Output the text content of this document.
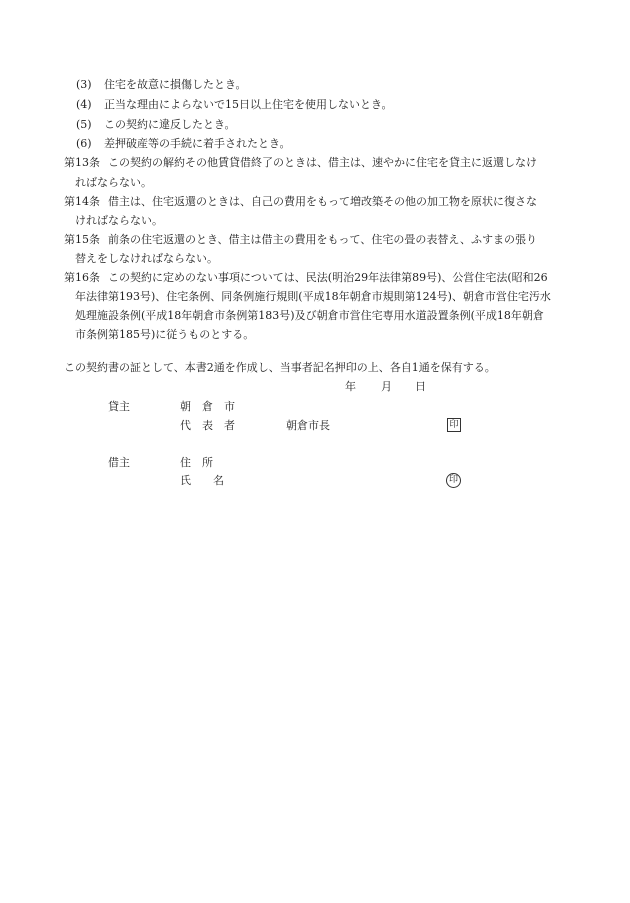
(3) 住宅を故意に損傷したとき。
(4) 正当な理由によらないで15日以上住宅を使用しないとき。
(5) この契約に違反したとき。
(6) 差押破産等の手続に着手されたとき。
第13条 この契約の解約その他賃貸借終了のときは、借主は、速やかに住宅を貸主に返還しなけ
ればならない。
第14条 借主は、住宅返還のときは、自己の費用をもって増改築その他の加工物を原状に復さな
ければならない。
第15条 前条の住宅返還のとき、借主は借主の費用をもって、住宅の畳の表替え、ふすまの張り
替えをしなければならない。
第16条 この契約に定めのない事項については、民法(明治29年法律第89号)、公営住宅法(昭和26
年法律第193号)、住宅条例、同条例施行規則(平成18年朝倉市規則第124号)、朝倉市営住宅汚水
処理施設条例(平成18年朝倉市条例第183号)及び朝倉市営住宅専用水道設置条例(平成18年朝倉
市条例第185号)に従うものとする。
この契約書の証として、本書2通を作成し、当事者記名押印の上、各自1通を保有する。
年 月 日
貸主	朝　倉　市
代　表　者	朝倉市長	印
借主	住　所
氏　　名	印
